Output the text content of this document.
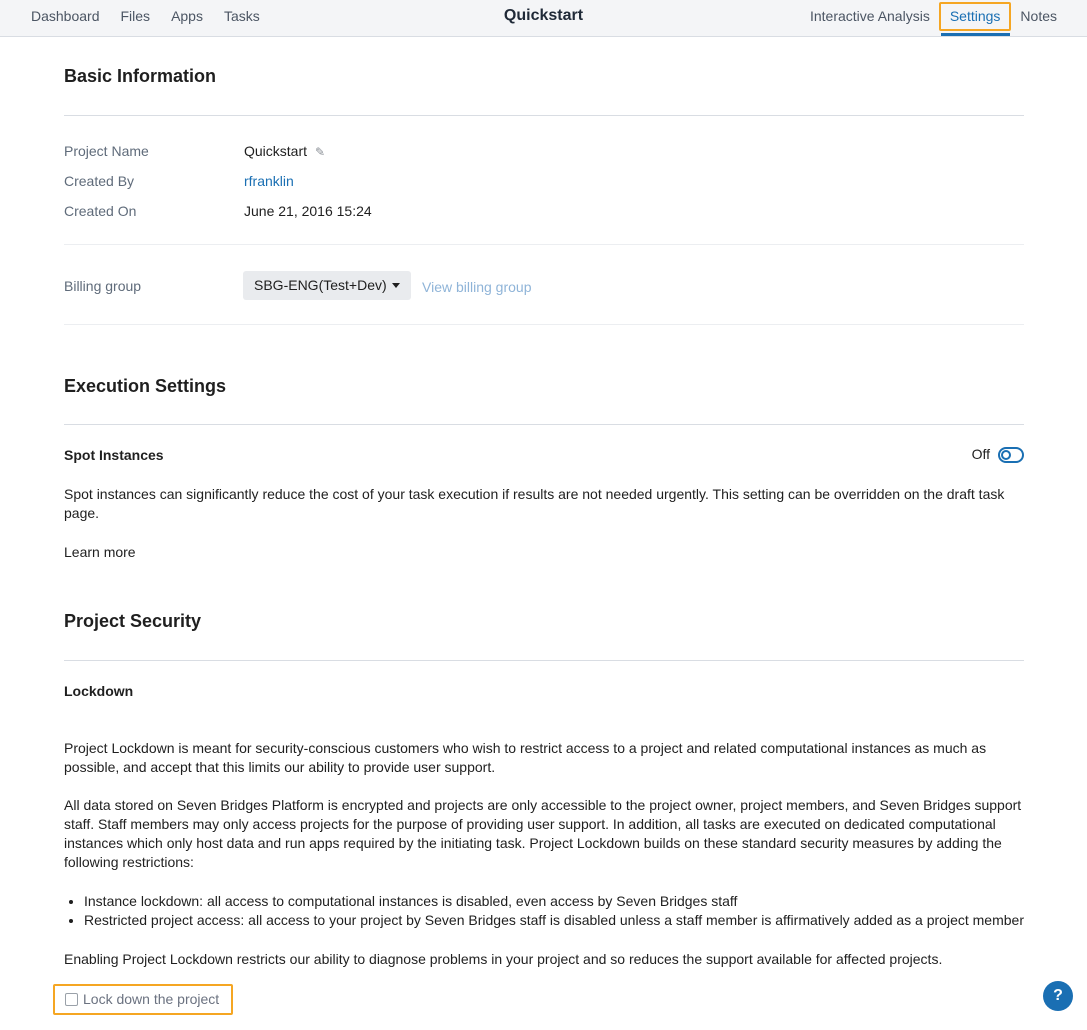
Dashboard Files Apps Tasks	Quickstart	Interactive Analysis Settings Notes
Basic Information
Project Name	Quickstart ✎
Created By	rfranklin
Created On	June 21, 2016 15:24
Billing group	SBG-ENG(Test+Dev)	View billing group
Execution Settings
Spot Instances	Off
Spot instances can significantly reduce the cost of your task execution if results are not needed urgently. This setting can be overridden on the draft task page.
Learn more
Project Security
Lockdown
Project Lockdown is meant for security-conscious customers who wish to restrict access to a project and related computational instances as much as possible, and accept that this limits our ability to provide user support.
All data stored on Seven Bridges Platform is encrypted and projects are only accessible to the project owner, project members, and Seven Bridges support staff. Staff members may only access projects for the purpose of providing user support. In addition, all tasks are executed on dedicated computational instances which only host data and run apps required by the initiating task. Project Lockdown builds on these standard security measures by adding the following restrictions:
• Instance lockdown: all access to computational instances is disabled, even access by Seven Bridges staff
• Restricted project access: all access to your project by Seven Bridges staff is disabled unless a staff member is affirmatively added as a project member
Enabling Project Lockdown restricts our ability to diagnose problems in your project and so reduces the support available for affected projects.
Lock down the project	?
